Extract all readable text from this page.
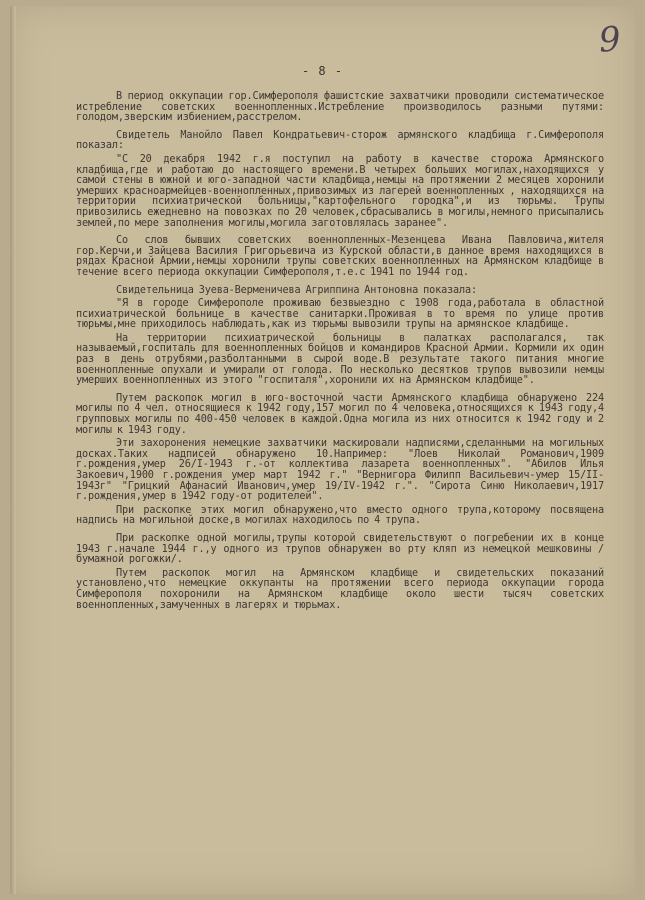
9
- 8 -

В период оккупации гор.Симферополя фашистские захватчики проводили систематическое истребление советских военнопленных.Истребление производилось разными путями: голодом,зверским избиением,расстрелом.

Свидетель Манойло Павел Кондратьевич-сторож армянского кладбища г.Симферополя показал:

"С 20 декабря 1942 г.я поступил на работу в качестве сторожа Армянского кладбища,где и работаю до настоящего времени.В четырех больших могилах,находящихся у самой стены в южной и юго-западной части кладбища,немцы на протяжении 2 месяцев хоронили умерших красноармейцев-военнопленных,привозимых из лагерей военнопленных , находящихся на территории психиатрической больницы,"картофельного городка",и из тюрьмы. Трупы привозились ежедневно на повозках по 20 человек,сбрасывались в могилы,немного присыпались землей,по мере заполнения могилы,могила заготовлялась заранее".

Со слов бывших советских военнопленных-Мезенцева Ивана Павловича,жителя гор.Керчи,и Зайцева Василия Григорьевича из Курской области,в данное время находящихся в рядах Красной Армии,немцы хоронили трупы советских военнопленных на Армянском кладбище в течение всего периода оккупации Симферополя,т.е.с 1941 по 1944 год.

Свидетельница Зуева-Верменичева Агриппина Антоновна показала:

"Я в городе Симферополе проживаю безвыездно с 1908 года,работала в областной психиатрической больнице в качестве санитарки.Проживая в то время по улице против тюрьмы,мне приходилось наблюдать,как из тюрьмы вывозили трупы на армянское кладбище.

На территории психиатрической больницы в палатках располагался, так называемый,госпиталь для военнопленных бойцов и командиров Красной Армии. Кормили их один раз в день отрубями,разболтанными в сырой воде.В результате такого питания многие военнопленные опухали и умирали от голода. По несколько десятков трупов вывозили немцы умерших военнопленных из этого "госпиталя",хоронили их на Армянском кладбище".

Путем раскопок могил в юго-восточной части Армянского кладбища обнаружено 224 могилы по 4 чел. относящиеся к 1942 году,157 могил по 4 человека,относящихся к 1943 году,4 групповых могилы по 400-450 человек в каждой.Одна могила из них относится к 1942 году и 2 могилы к 1943 году.

Эти захоронения немецкие захватчики маскировали надписями,сделанными на могильных досках.Таких надписей обнаружено 10.Например: "Лоев Николай Романович,1909 г.рождения,умер 26/I-1943 г.-от коллектива лазарета военнопленных". "Абилов Илья Закоевич,1900 г.рождения умер март 1942 г." "Вернигора Филипп Васильевич-умер 15/II-1943г" "Грицкий Афанасий Иванович,умер 19/IV-1942 г.". "Сирота Синю Николаевич,1917 г.рождения,умер в 1942 году-от родителей".

При раскопке этих могил обнаружено,что вместо одного трупа,которому посвящена надпись на могильной доске,в могилах находилось по 4 трупа.

При раскопке одной могилы,трупы которой свидетельствуют о погребении их в конце 1943 г.начале 1944 г.,у одного из трупов обнаружен во рту кляп из немецкой мешковины /бумажной рогожки/.

Путем раскопок могил на Армянском кладбище и свидетельских показаний установлено,что немецкие оккупанты на протяжении всего периода оккупации города Симферополя похоронили на Армянском кладбище около шести тысяч советских военнопленных,замученных в лагерях и тюрьмах.
